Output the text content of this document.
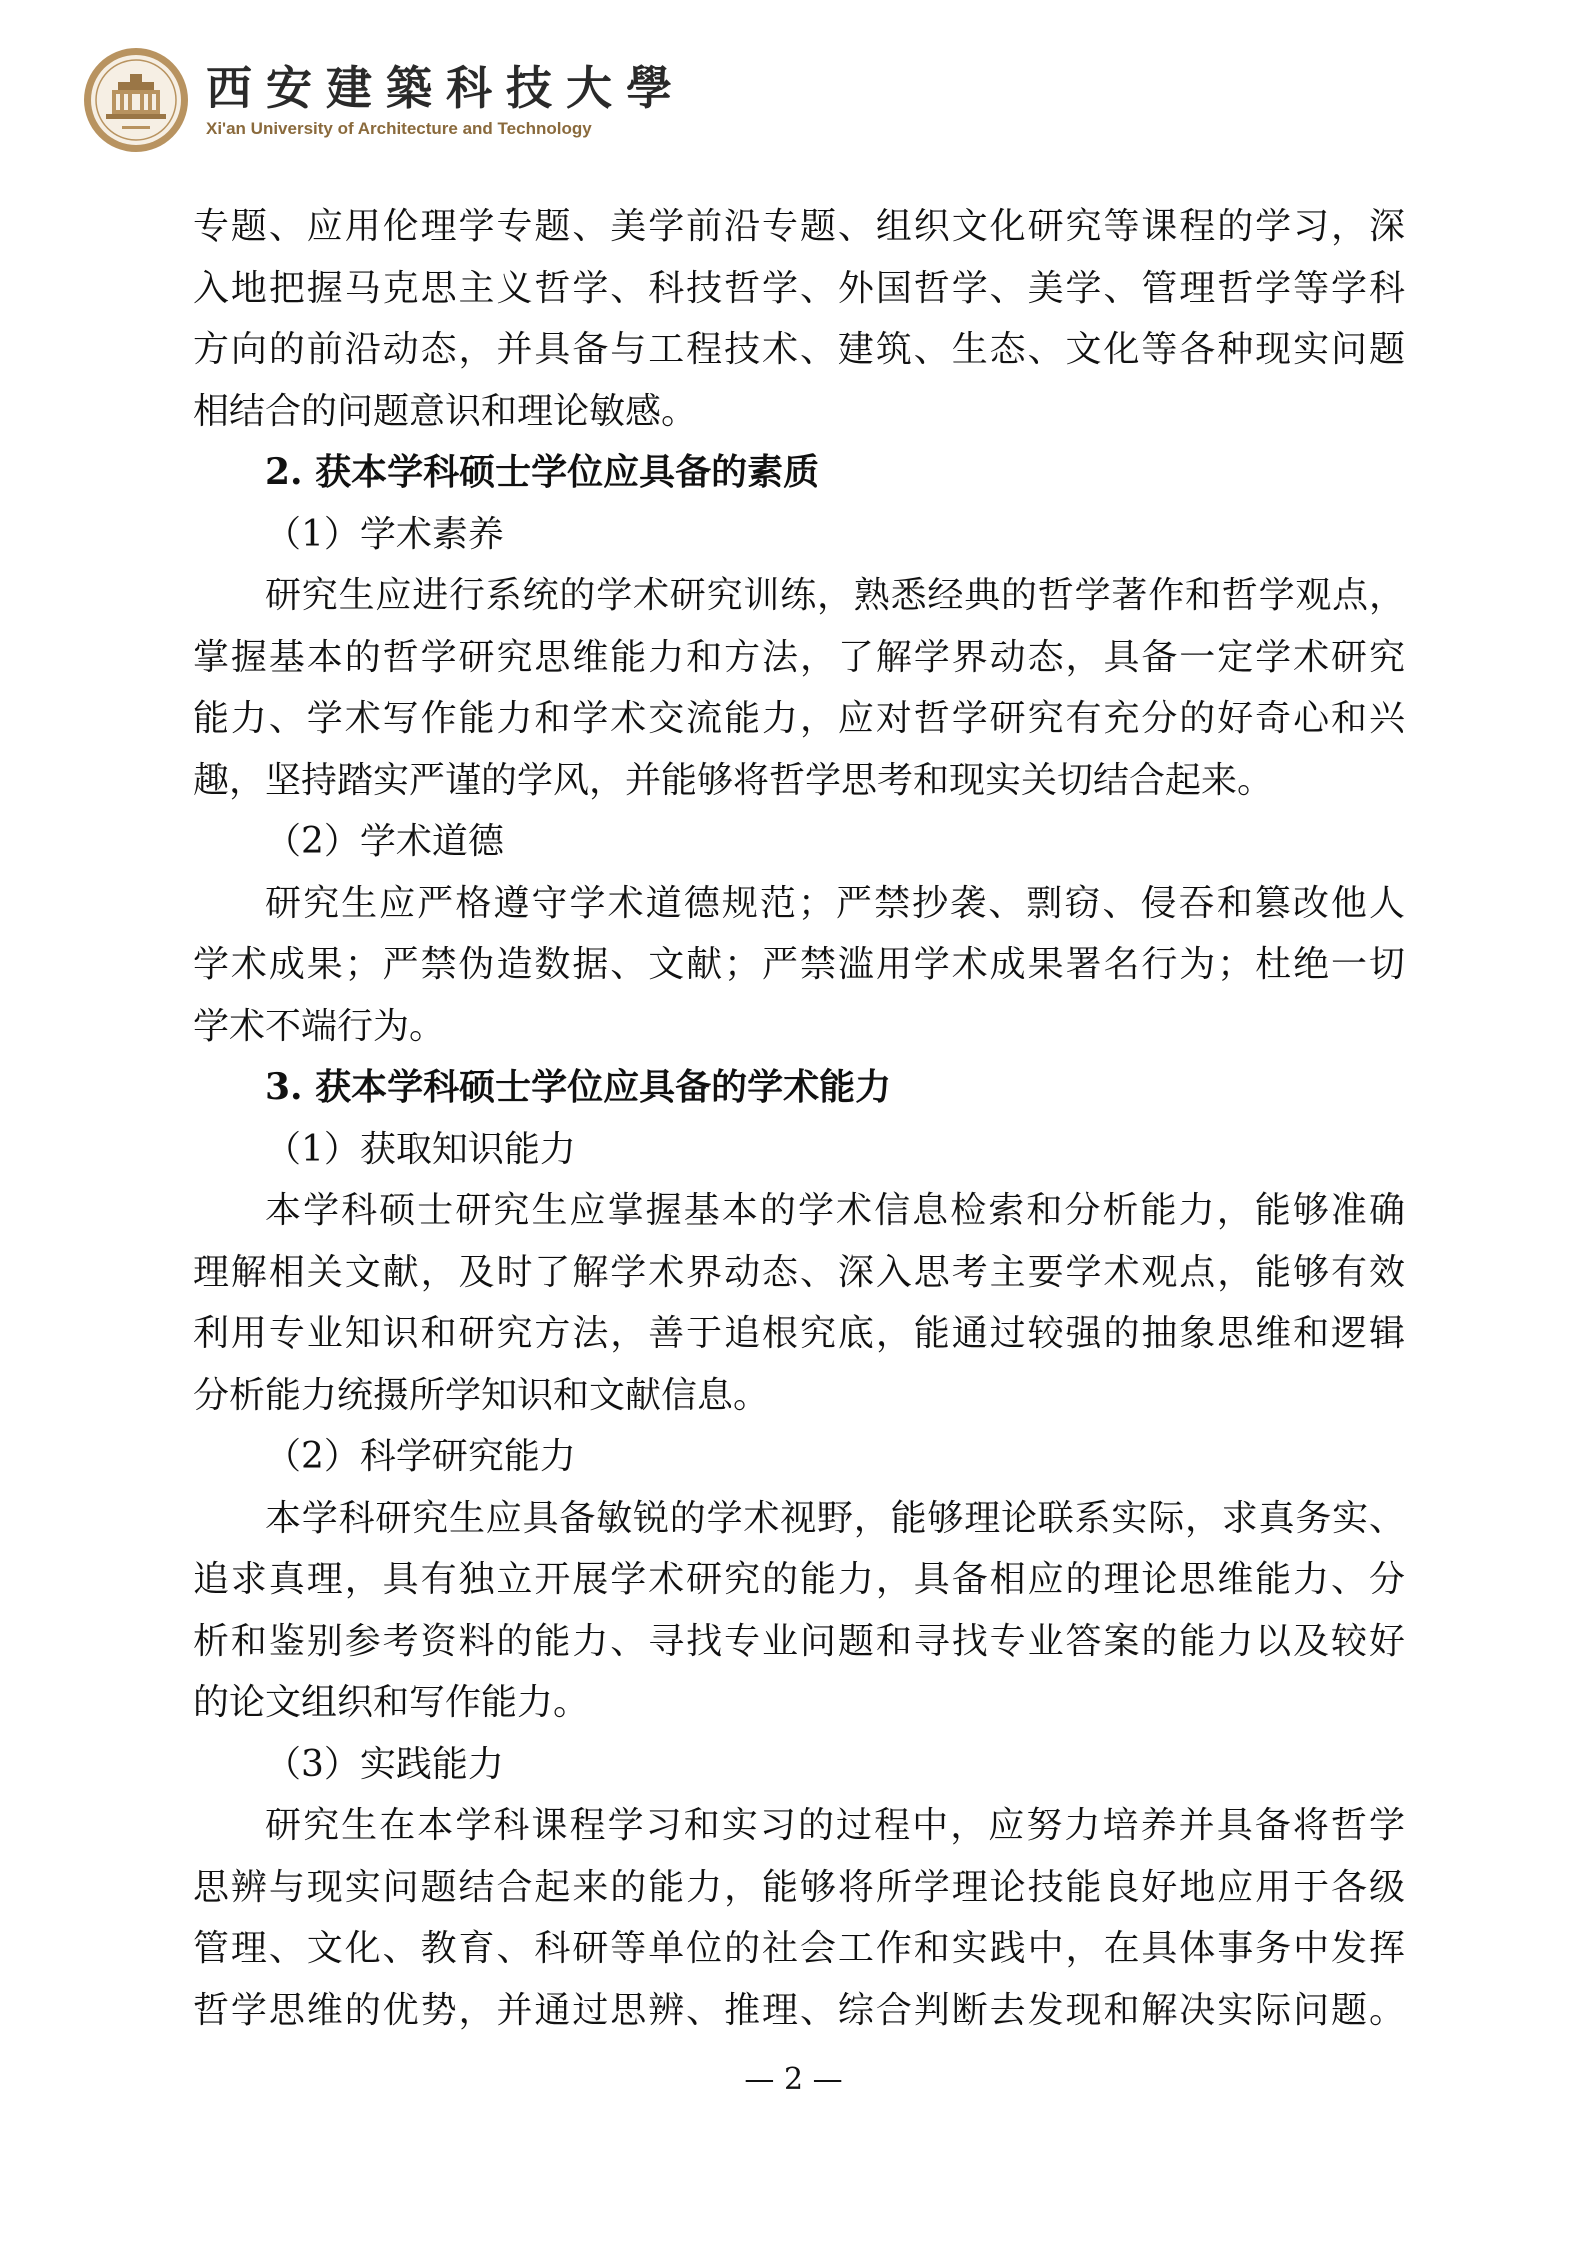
西安建築科技大學
Xi'an University of Architecture and Technology
专题、应用伦理学专题、美学前沿专题、组织文化研究等课程的学习，深
入地把握马克思主义哲学、科技哲学、外国哲学、美学、管理哲学等学科
方向的前沿动态，并具备与工程技术、建筑、生态、文化等各种现实问题
相结合的问题意识和理论敏感。
2. 获本学科硕士学位应具备的素质
（1）学术素养
研究生应进行系统的学术研究训练，熟悉经典的哲学著作和哲学观点，
掌握基本的哲学研究思维能力和方法，了解学界动态，具备一定学术研究
能力、学术写作能力和学术交流能力，应对哲学研究有充分的好奇心和兴
趣，坚持踏实严谨的学风，并能够将哲学思考和现实关切结合起来。
（2）学术道德
研究生应严格遵守学术道德规范；严禁抄袭、剽窃、侵吞和篡改他人
学术成果；严禁伪造数据、文献；严禁滥用学术成果署名行为；杜绝一切
学术不端行为。
3. 获本学科硕士学位应具备的学术能力
（1）获取知识能力
本学科硕士研究生应掌握基本的学术信息检索和分析能力，能够准确
理解相关文献，及时了解学术界动态、深入思考主要学术观点，能够有效
利用专业知识和研究方法，善于追根究底，能通过较强的抽象思维和逻辑
分析能力统摄所学知识和文献信息。
（2）科学研究能力
本学科研究生应具备敏锐的学术视野，能够理论联系实际，求真务实、
追求真理，具有独立开展学术研究的能力，具备相应的理论思维能力、分
析和鉴别参考资料的能力、寻找专业问题和寻找专业答案的能力以及较好
的论文组织和写作能力。
（3）实践能力
研究生在本学科课程学习和实习的过程中，应努力培养并具备将哲学
思辨与现实问题结合起来的能力，能够将所学理论技能良好地应用于各级
管理、文化、教育、科研等单位的社会工作和实践中，在具体事务中发挥
哲学思维的优势，并通过思辨、推理、综合判断去发现和解决实际问题。
— 2 —
